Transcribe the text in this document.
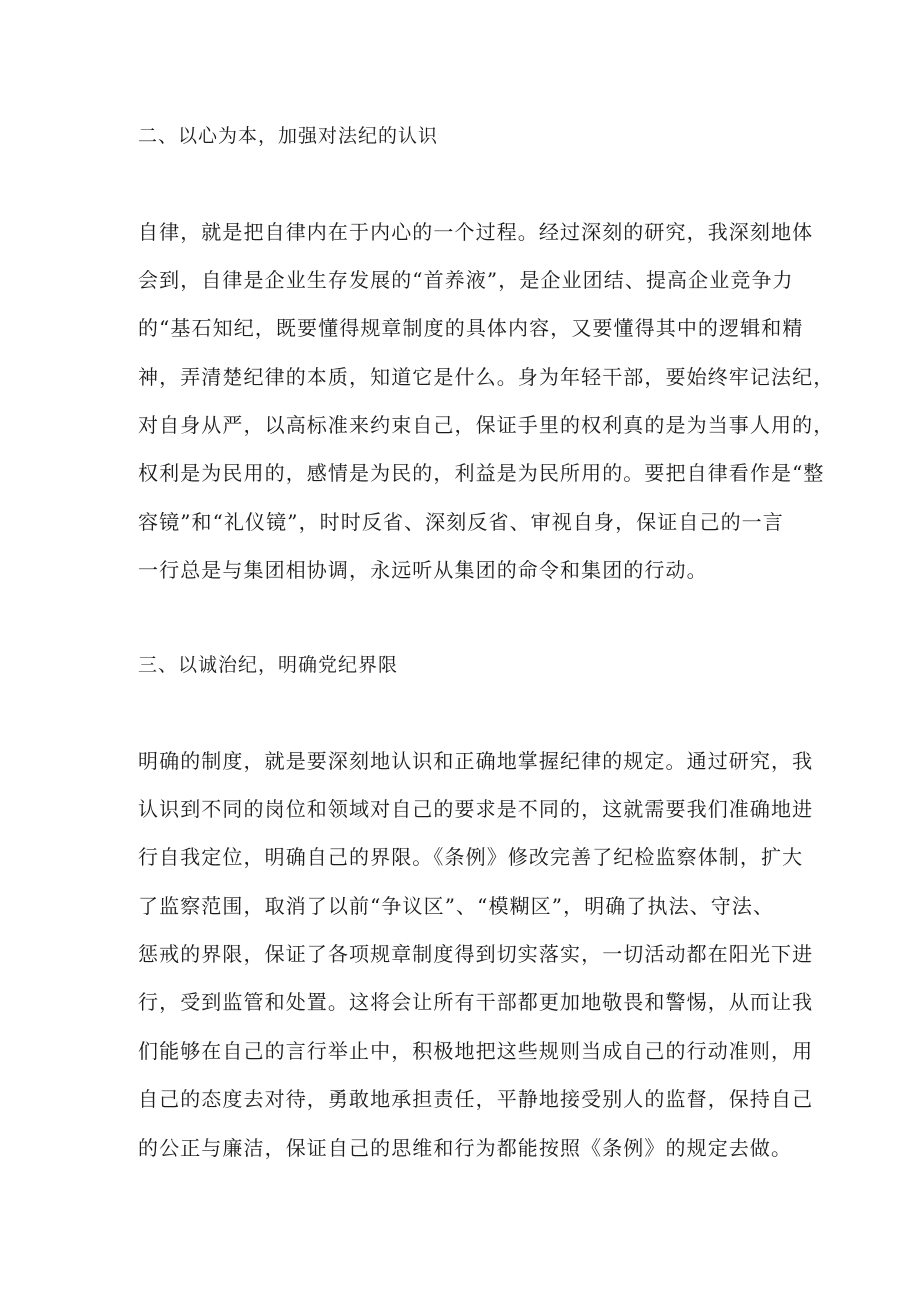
二、以心为本，加强对法纪的认识
自律，就是把自律内在于内心的一个过程。经过深刻的研究，我深刻地体
会到，自律是企业生存发展的“首养液”，是企业团结、提高企业竞争力
的“基石知纪，既要懂得规章制度的具体内容，又要懂得其中的逻辑和精
神，弄清楚纪律的本质，知道它是什么。身为年轻干部，要始终牢记法纪，
对自身从严，以高标准来约束自己，保证手里的权利真的是为当事人用的，
权利是为民用的，感情是为民的，利益是为民所用的。要把自律看作是“整
容镜”和“礼仪镜”，时时反省、深刻反省、审视自身，保证自己的一言
一行总是与集团相协调，永远听从集团的命令和集团的行动。
三、以诚治纪，明确党纪界限
明确的制度，就是要深刻地认识和正确地掌握纪律的规定。通过研究，我
认识到不同的岗位和领域对自己的要求是不同的，这就需要我们准确地进
行自我定位，明确自己的界限。《条例》修改完善了纪检监察体制，扩大
了监察范围，取消了以前“争议区”、“模糊区”，明确了执法、守法、
惩戒的界限，保证了各项规章制度得到切实落实，一切活动都在阳光下进
行，受到监管和处置。这将会让所有干部都更加地敬畏和警惕，从而让我
们能够在自己的言行举止中，积极地把这些规则当成自己的行动准则，用
自己的态度去对待，勇敢地承担责任，平静地接受别人的监督，保持自己
的公正与廉洁，保证自己的思维和行为都能按照《条例》的规定去做。
